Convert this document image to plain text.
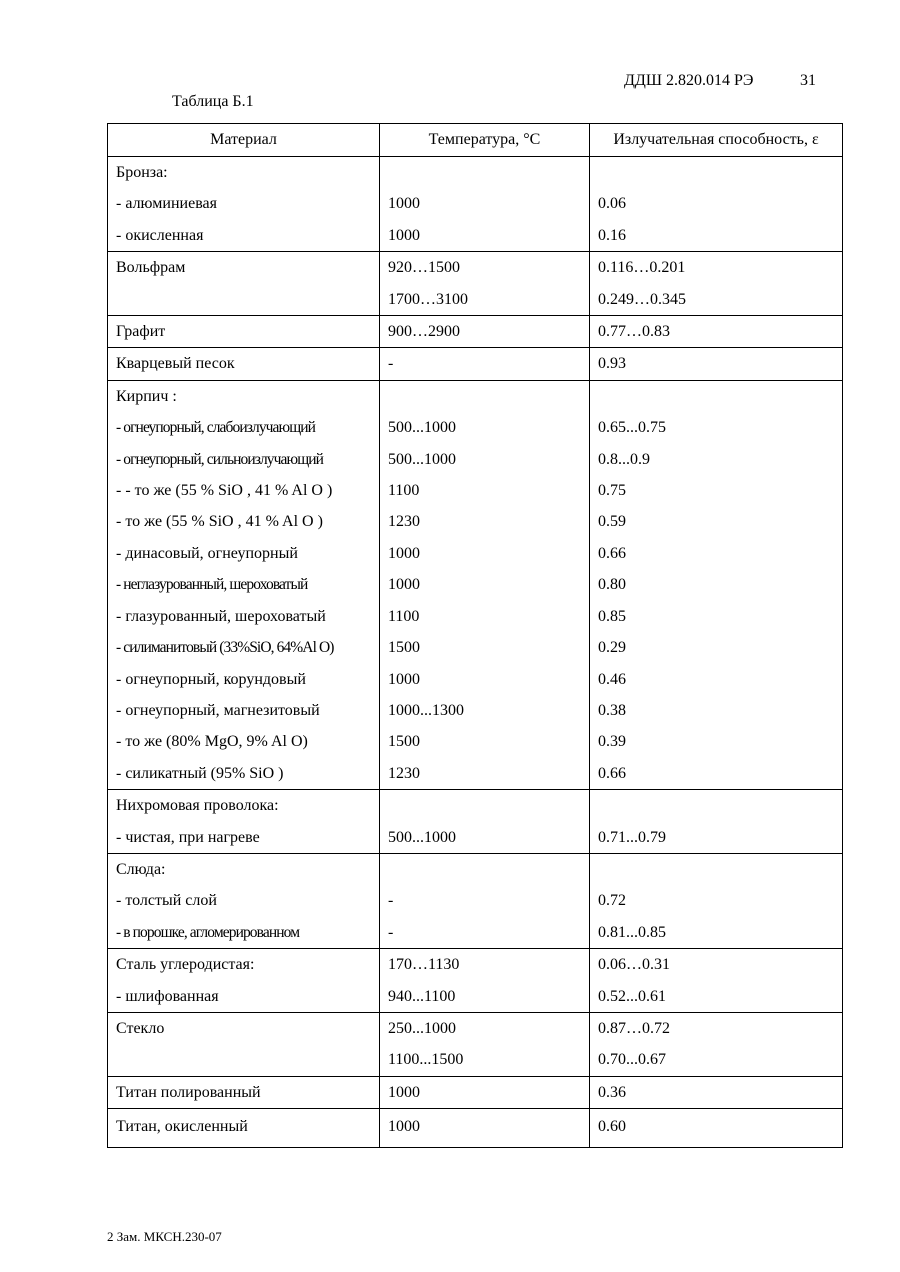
ДДШ 2.820.014 РЭ	31
Таблица Б.1
Материал	Температура, °С	Излучательная способность, ε
Бронза:		
- алюминиевая	1000	0.06
- окисленная	1000	0.16
Вольфрам	920…1500	0.116…0.201
	1700…3100	0.249…0.345
Графит	900…2900	0.77…0.83
Кварцевый песок	-	0.93
Кирпич :		
- огнеупорный, слабоизлучающий	500...1000	0.65...0.75
- огнеупорный, сильноизлучающий	500...1000	0.8...0.9
- - то же (55 % SiO , 41 % Al O )	1100	0.75
- то же (55 % SiO , 41 % Al O )	1230	0.59
- динасовый, огнеупорный	1000	0.66
- неглазурованный, шероховатый	1000	0.80
- глазурованный, шероховатый	1100	0.85
- силиманитовый (33%SiO, 64%Al O)	1500	0.29
- огнеупорный, корундовый	1000	0.46
- огнеупорный, магнезитовый	1000...1300	0.38
- то же (80% MgO, 9% Al O)	1500	0.39
- силикатный (95% SiO )	1230	0.66
Нихромовая проволока:		
- чистая, при нагреве	500...1000	0.71...0.79
Слюда:		
- толстый слой	-	0.72
- в порошке, агломерированном	-	0.81...0.85
Сталь углеродистая:	170…1130	0.06…0.31
- шлифованная	940...1100	0.52...0.61
Стекло	250...1000	0.87…0.72
	1100...1500	0.70...0.67
Титан полированный	1000	0.36
Титан, окисленный	1000	0.60
2 Зам. МКСН.230-07
